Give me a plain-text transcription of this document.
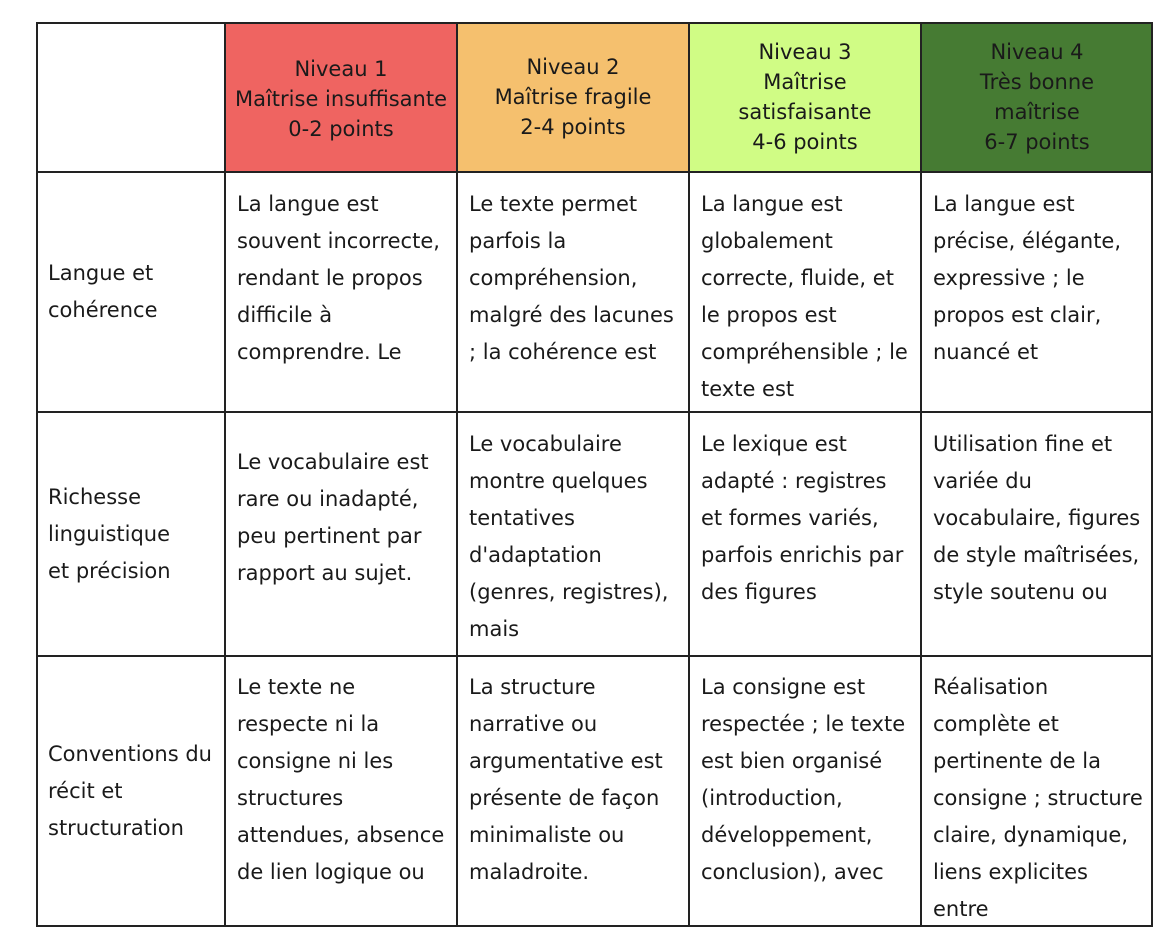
Niveau 1
Maîtrise insuffisante
0-2 points
Niveau 2
Maîtrise fragile
2-4 points
Niveau 3
Maîtrise satisfaisante
4-6 points
Niveau 4
Très bonne maîtrise
6-7 points
Langue et cohérence
La langue est souvent incorrecte, rendant le propos difficile à comprendre. Le
Le texte permet parfois la compréhension, malgré des lacunes ; la cohérence est
La langue est globalement correcte, fluide, et le propos est compréhensible ; le texte est
La langue est précise, élégante, expressive ; le propos est clair, nuancé et
Richesse linguistique et précision
Le vocabulaire est rare ou inadapté, peu pertinent par rapport au sujet.
Le vocabulaire montre quelques tentatives d'adaptation (genres, registres), mais
Le lexique est adapté : registres et formes variés, parfois enrichis par des figures
Utilisation fine et variée du vocabulaire, figures de style maîtrisées, style soutenu ou
Conventions du récit et structuration
Le texte ne respecte ni la consigne ni les structures attendues, absence de lien logique ou
La structure narrative ou argumentative est présente de façon minimaliste ou maladroite.
La consigne est respectée ; le texte est bien organisé (introduction, développement, conclusion), avec
Réalisation complète et pertinente de la consigne ; structure claire, dynamique, liens explicites entre
